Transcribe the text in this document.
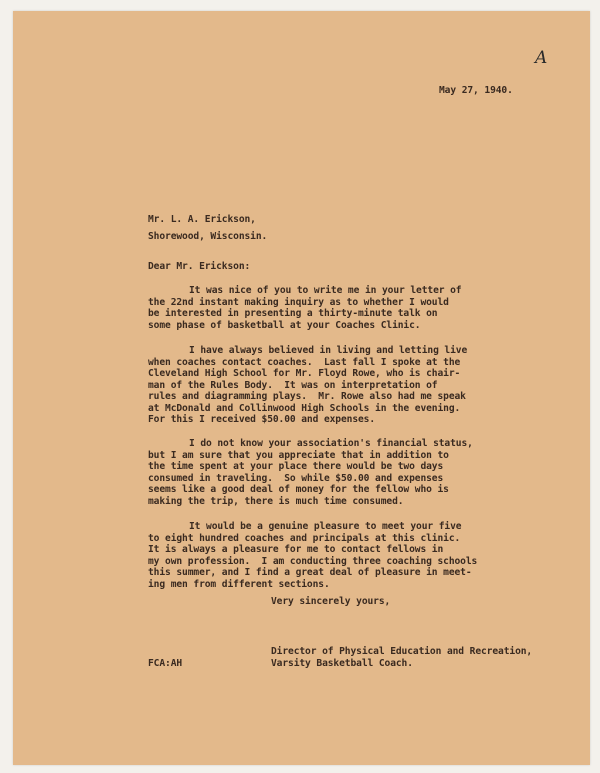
A
May 27, 1940.
Mr. L. A. Erickson,
Shorewood, Wisconsin.
Dear Mr. Erickson:
It was nice of you to write me in your letter of
the 22nd instant making inquiry as to whether I would
be interested in presenting a thirty-minute talk on
some phase of basketball at your Coaches Clinic.
I have always believed in living and letting live
when coaches contact coaches.  Last fall I spoke at the
Cleveland High School for Mr. Floyd Rowe, who is chair-
man of the Rules Body.  It was on interpretation of
rules and diagramming plays.  Mr. Rowe also had me speak
at McDonald and Collinwood High Schools in the evening.
For this I received $50.00 and expenses.
I do not know your association's financial status,
but I am sure that you appreciate that in addition to
the time spent at your place there would be two days
consumed in traveling.  So while $50.00 and expenses
seems like a good deal of money for the fellow who is
making the trip, there is much time consumed.
It would be a genuine pleasure to meet your five
to eight hundred coaches and principals at this clinic.
It is always a pleasure for me to contact fellows in
my own profession.  I am conducting three coaching schools
this summer, and I find a great deal of pleasure in meet-
ing men from different sections.
Very sincerely yours,
Director of Physical Education and Recreation,
Varsity Basketball Coach.
FCA:AH
